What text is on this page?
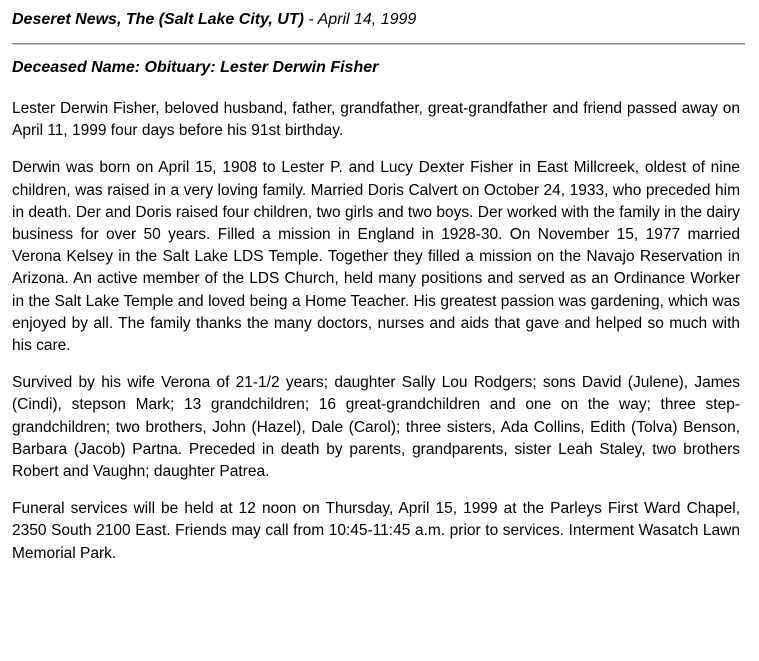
Deseret News, The (Salt Lake City, UT) - April 14, 1999
Deceased Name: Obituary: Lester Derwin Fisher

Lester Derwin Fisher, beloved husband, father, grandfather, great-grandfather and friend passed away on April 11, 1999 four days before his 91st birthday.

Derwin was born on April 15, 1908 to Lester P. and Lucy Dexter Fisher in East Millcreek, oldest of nine children, was raised in a very loving family. Married Doris Calvert on October 24, 1933, who preceded him in death. Der and Doris raised four children, two girls and two boys. Der worked with the family in the dairy business for over 50 years. Filled a mission in England in 1928-30. On November 15, 1977 married Verona Kelsey in the Salt Lake LDS Temple. Together they filled a mission on the Navajo Reservation in Arizona. An active member of the LDS Church, held many positions and served as an Ordinance Worker in the Salt Lake Temple and loved being a Home Teacher. His greatest passion was gardening, which was enjoyed by all. The family thanks the many doctors, nurses and aids that gave and helped so much with his care.

Survived by his wife Verona of 21-1/2 years; daughter Sally Lou Rodgers; sons David (Julene), James (Cindi), stepson Mark; 13 grandchildren; 16 great-grandchildren and one on the way; three step-grandchildren; two brothers, John (Hazel), Dale (Carol); three sisters, Ada Collins, Edith (Tolva) Benson, Barbara (Jacob) Partna. Preceded in death by parents, grandparents, sister Leah Staley, two brothers Robert and Vaughn; daughter Patrea.

Funeral services will be held at 12 noon on Thursday, April 15, 1999 at the Parleys First Ward Chapel, 2350 South 2100 East. Friends may call from 10:45-11:45 a.m. prior to services. Interment Wasatch Lawn Memorial Park.
